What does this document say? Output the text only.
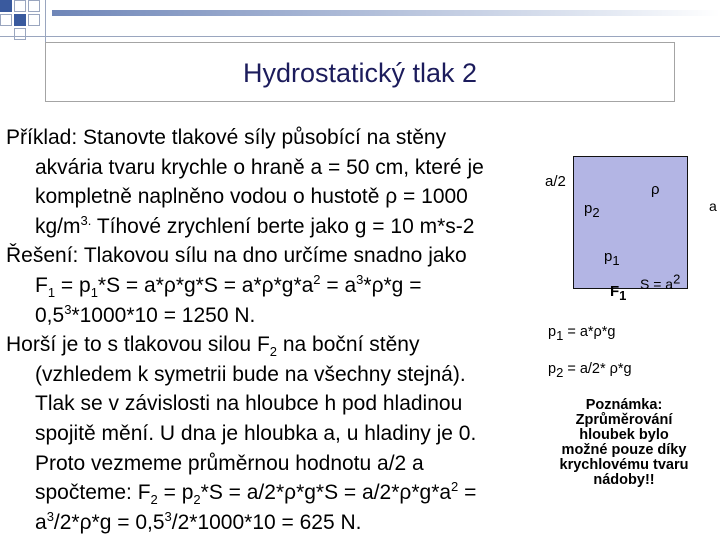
Hydrostatický tlak 2

Příklad: Stanovte tlakové síly působící na stěny

akvária tvaru krychle o hraně a = 50 cm, které je

kompletně naplněno vodou o hustotě ρ = 1000

$kg/m^{3.}$ Tíhové zrychlení berte jako g = 10 m*s-2

Řešení: Tlakovou sílu na dno určíme snadno jako

$F_1 = p_1*S = a*\rho*g*S = a*\rho*g*a^2 = a^3*\rho*g$ =

$0,5^3*1000*10 = 1250$ N.

Horší je to s tlakovou silou $F_2$ na boční stěny

(vzhledem k symetrii bude na všechny stejná).

Tlak se v závislosti na hloubce h pod hladinou

spojitě mění. U dna je hloubka a, u hladiny je 0.

Proto vezmeme průměrnou hodnotu a/2 a

spočteme: $F_2 = p_2*S = a/2*\rho*g*S = a/2*\rho*g*a^2$ =

$a^3/2*\rho*g = 0,5^3/2*1000*10 = 625$ N.

a/2	ρ
a
$p_2$
$p_1$
$F_1$
$S = a^2$
$p_1 = a*\rho*g$
$p_2 = a/2*$ ρ*g

Poznámka:

Zprůměrování

hloubek bylo

možné pouze díky

krychlovému tvaru

nádoby!!
